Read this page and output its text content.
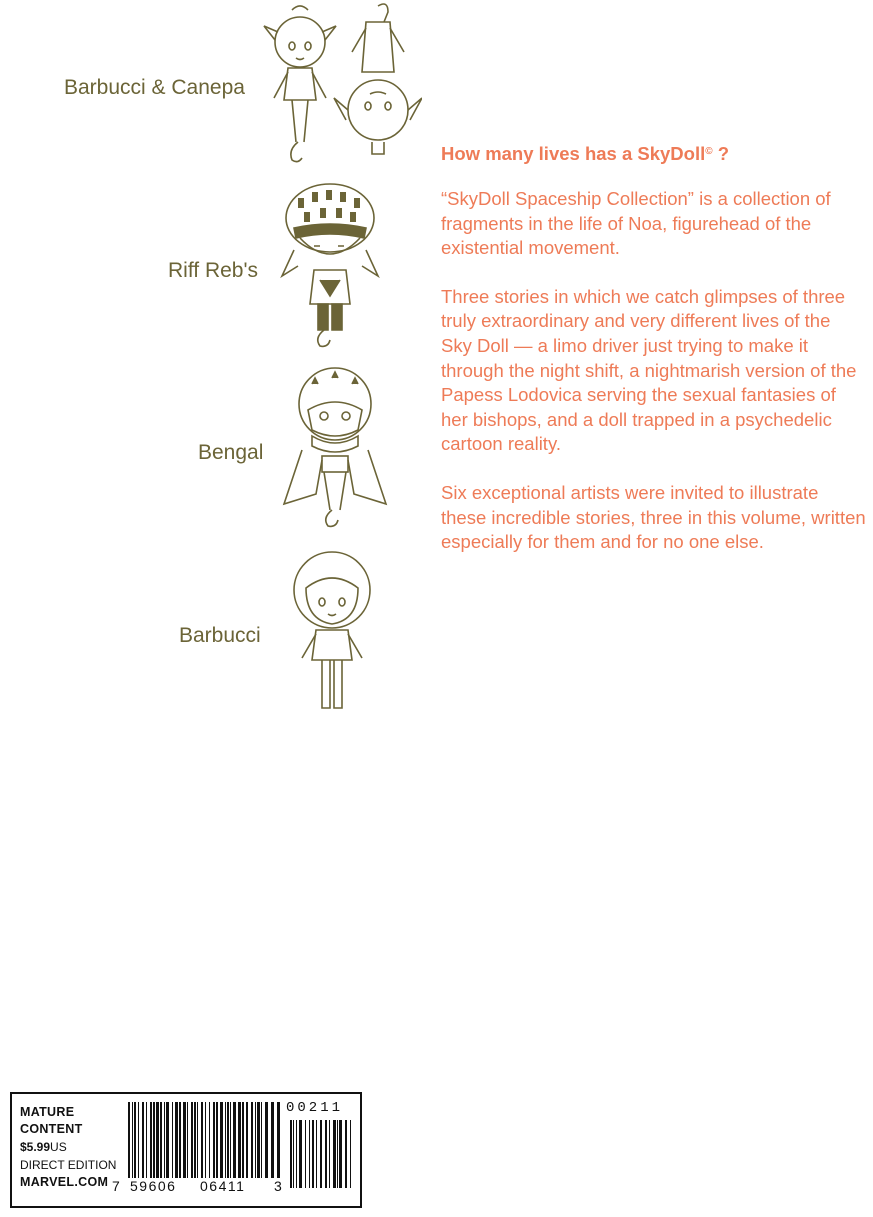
Barbucci & Canepa
Riff Reb's
Bengal
Barbucci
How many lives has a SkyDoll© ?

“SkyDoll Spaceship Collection” is a collection of fragments in the life of Noa, figurehead of the existential movement.

Three stories in which we catch glimpses of three truly extraordinary and very different lives of the Sky Doll — a limo driver just trying to make it through the night shift, a nightmarish version of the Papess Lodovica serving the sexual fantasies of her bishops, and a doll trapped in a psychedelic cartoon reality.

Six exceptional artists were invited to illustrate these incredible stories, three in this volume, written especially for them and for no one else.

MATURE
CONTENT
$5.99US
DIRECT EDITION
MARVEL.COM
00211
7 59606 06411 3
